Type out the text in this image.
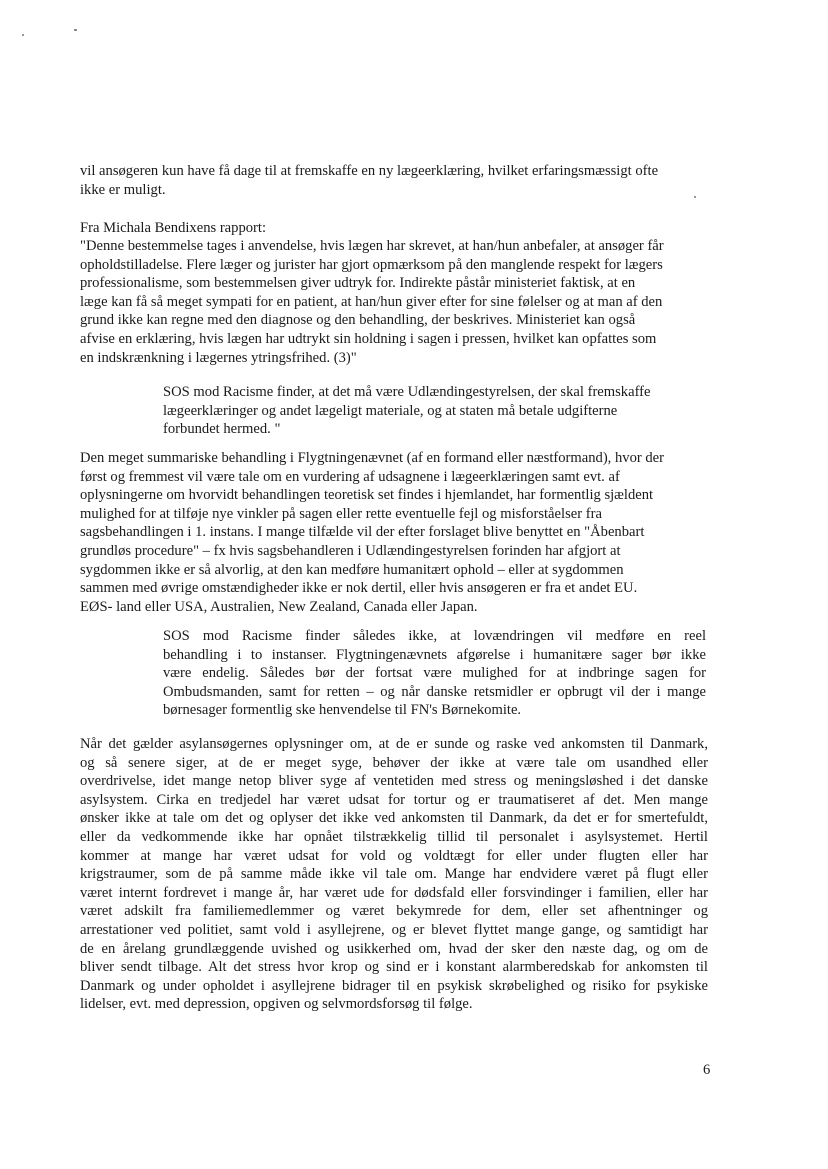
vil ansøgeren kun have få dage til at fremskaffe en ny lægeerklæring, hvilket erfaringsmæssigt ofte
ikke er muligt.
Fra Michala Bendixens rapport:
"Denne bestemmelse tages i anvendelse, hvis lægen har skrevet, at han/hun anbefaler, at ansøger får
opholdstilladelse. Flere læger og jurister har gjort opmærksom på den manglende respekt for lægers
professionalisme, som bestemmelsen giver udtryk for. Indirekte påstår ministeriet faktisk, at en
læge kan få så meget sympati for en patient, at han/hun giver efter for sine følelser og at man af den
grund ikke kan regne med den diagnose og den behandling, der beskrives. Ministeriet kan også
afvise en erklæring, hvis lægen har udtrykt sin holdning i sagen i pressen, hvilket kan opfattes som
en indskrænkning i lægernes ytringsfrihed. (3)"
SOS mod Racisme finder, at det må være Udlændingestyrelsen, der skal fremskaffe
lægeerklæringer og andet lægeligt materiale, og at staten må betale udgifterne
forbundet hermed. "
Den meget summariske behandling i Flygtningenævnet (af en formand eller næstformand), hvor der
først og fremmest vil være tale om en vurdering af udsagnene i lægeerklæringen samt evt. af
oplysningerne om hvorvidt behandlingen teoretisk set findes i hjemlandet, har formentlig sjældent
mulighed for at tilføje nye vinkler på sagen eller rette eventuelle fejl og misforståelser fra
sagsbehandlingen i 1. instans. I mange tilfælde vil der efter forslaget blive benyttet en "Åbenbart
grundløs procedure" – fx hvis sagsbehandleren i Udlændingestyrelsen forinden har afgjort at
sygdommen ikke er så alvorlig, at den kan medføre humanitært ophold – eller at sygdommen
sammen med øvrige omstændigheder ikke er nok dertil, eller hvis ansøgeren er fra et andet EU.
EØS- land eller USA, Australien, New Zealand, Canada eller Japan.
SOS mod Racisme finder således ikke, at lovændringen vil medføre en reel
behandling i to instanser. Flygtningenævnets afgørelse i humanitære sager bør ikke
være endelig. Således bør der fortsat være mulighed for at indbringe sagen for
Ombudsmanden, samt for retten – og når danske retsmidler er opbrugt vil der i mange
børnesager formentlig ske henvendelse til FN's Børnekomite.
Når det gælder asylansøgernes oplysninger om, at de er sunde og raske ved ankomsten til Danmark,
og så senere siger, at de er meget syge, behøver der ikke at være tale om usandhed eller
overdrivelse, idet mange netop bliver syge af ventetiden med stress og meningsløshed i det danske
asylsystem. Cirka en tredjedel har været udsat for tortur og er traumatiseret af det. Men mange
ønsker ikke at tale om det og oplyser det ikke ved ankomsten til Danmark, da det er for smertefuldt,
eller da vedkommende ikke har opnået tilstrækkelig tillid til personalet i asylsystemet. Hertil
kommer at mange har været udsat for vold og voldtægt for eller under flugten eller har
krigstraumer, som de på samme måde ikke vil tale om. Mange har endvidere været på flugt eller
været internt fordrevet i mange år, har været ude for dødsfald eller forsvindinger i familien, eller har
været adskilt fra familiemedlemmer og været bekymrede for dem, eller set afhentninger og
arrestationer ved politiet, samt vold i asyllejrene, og er blevet flyttet mange gange, og samtidigt har
de en årelang grundlæggende uvished og usikkerhed om, hvad der sker den næste dag, og om de
bliver sendt tilbage. Alt det stress hvor krop og sind er i konstant alarmberedskab for ankomsten til
Danmark og under opholdet i asyllejrene bidrager til en psykisk skrøbelighed og risiko for psykiske
lidelser, evt. med depression, opgiven og selvmordsforsøg til følge.
6
